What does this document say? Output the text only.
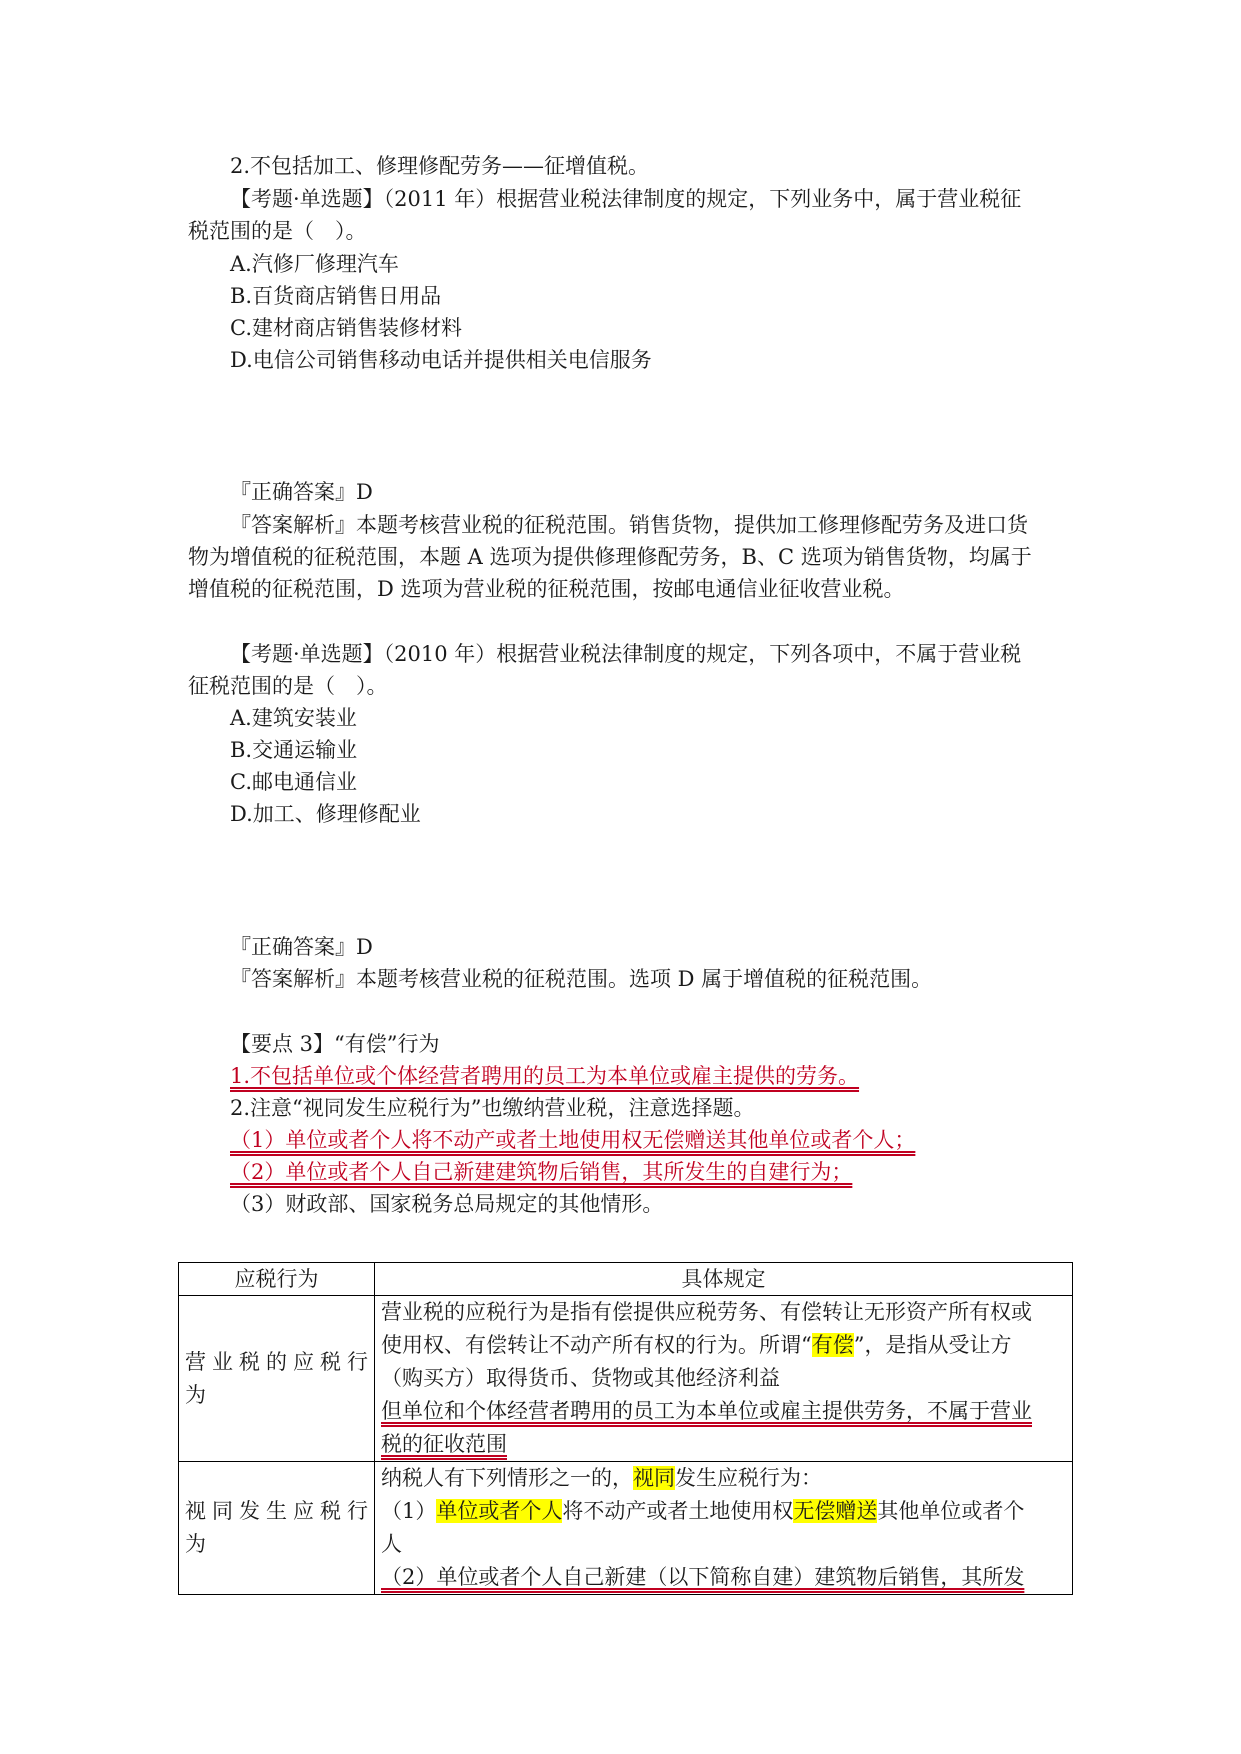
2.不包括加工、修理修配劳务——征增值税。
【考题·单选题】（2011 年）根据营业税法律制度的规定，下列业务中，属于营业税征
税范围的是（　）。
A.汽修厂修理汽车
B.百货商店销售日用品
C.建材商店销售装修材料
D.电信公司销售移动电话并提供相关电信服务
『正确答案』D
『答案解析』本题考核营业税的征税范围。销售货物，提供加工修理修配劳务及进口货
物为增值税的征税范围，本题 A 选项为提供修理修配劳务，B、C 选项为销售货物，均属于
增值税的征税范围，D 选项为营业税的征税范围，按邮电通信业征收营业税。
【考题·单选题】（2010 年）根据营业税法律制度的规定，下列各项中，不属于营业税
征税范围的是（　）。
A.建筑安装业
B.交通运输业
C.邮电通信业
D.加工、修理修配业
『正确答案』D
『答案解析』本题考核营业税的征税范围。选项 D 属于增值税的征税范围。
【要点 3】“有偿”行为
1.不包括单位或个体经营者聘用的员工为本单位或雇主提供的劳务。
2.注意“视同发生应税行为”也缴纳营业税，注意选择题。
（1）单位或者个人将不动产或者土地使用权无偿赠送其他单位或者个人；
（2）单位或者个人自己新建建筑物后销售，其所发生的自建行为；
（3）财政部、国家税务总局规定的其他情形。
应税行为	具体规定

营业税的应税行
为	营业税的应税行为是指有偿提供应税劳务、有偿转让无形资产所有权或
使用权、有偿转让不动产所有权的行为。所谓“有偿”，是指从受让方
（购买方）取得货币、货物或其他经济利益
但单位和个体经营者聘用的员工为本单位或雇主提供劳务，不属于营业
税的征收范围

视同发生应税行
为	纳税人有下列情形之一的，视同发生应税行为：
（1）单位或者个人将不动产或者土地使用权无偿赠送其他单位或者个
人
（2）单位或者个人自己新建（以下简称自建）建筑物后销售，其所发
